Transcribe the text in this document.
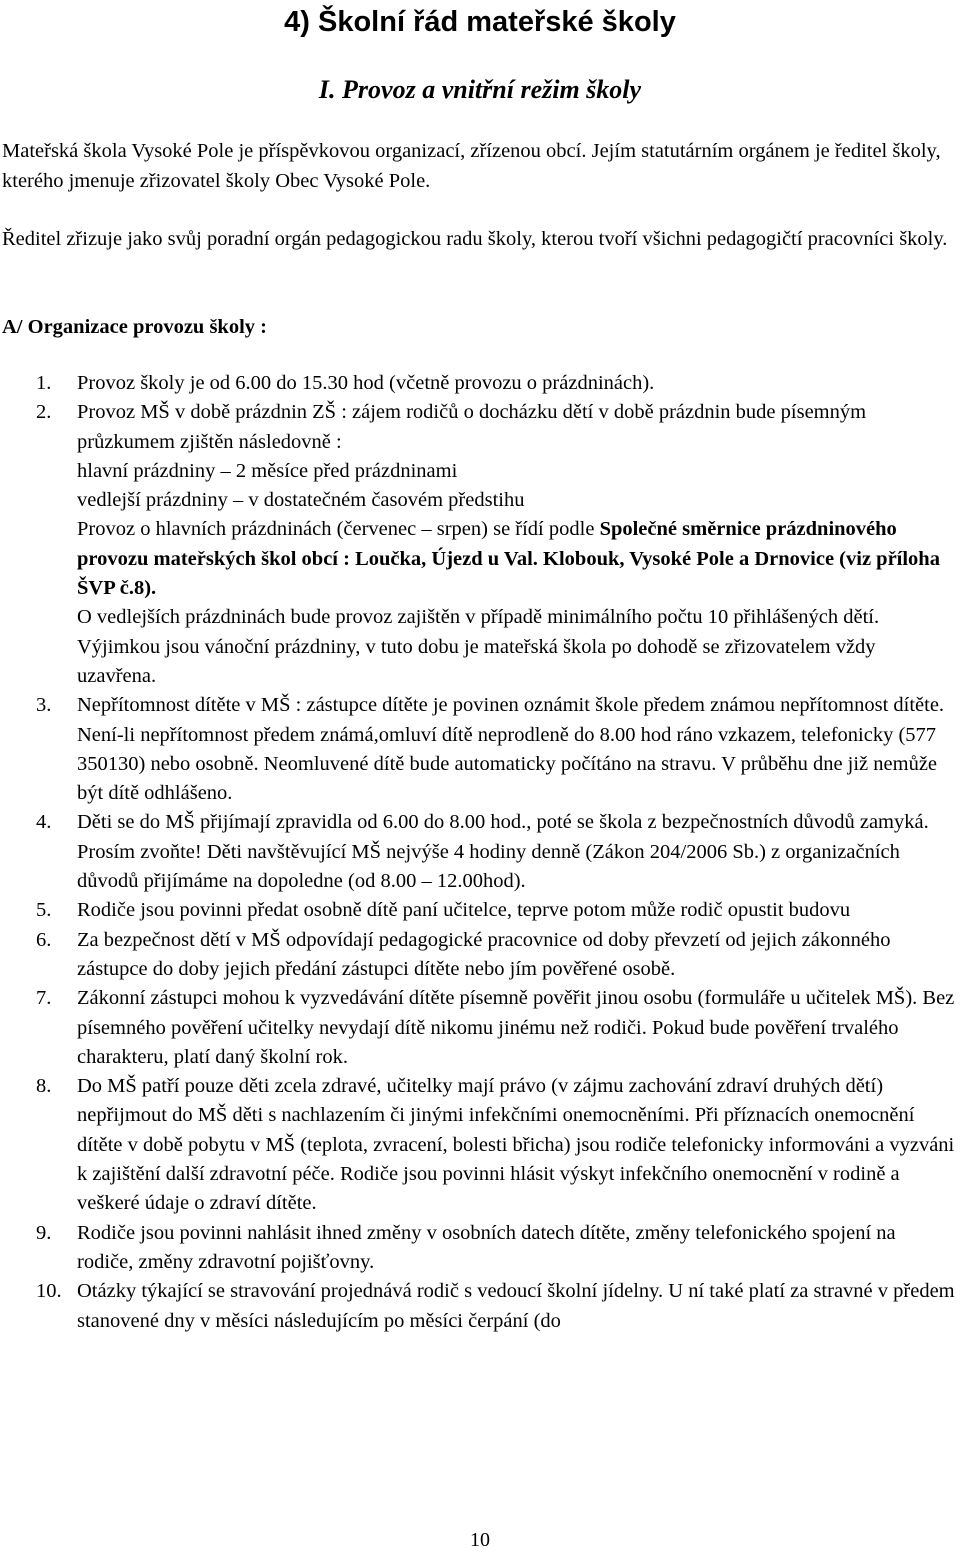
4) Školní řád mateřské školy
I. Provoz a vnitřní režim školy
Mateřská škola Vysoké Pole je příspěvkovou organizací, zřízenou obcí. Jejím statutárním orgánem je ředitel školy, kterého jmenuje zřizovatel školy Obec Vysoké Pole.
Ředitel zřizuje jako svůj poradní orgán pedagogickou radu školy, kterou tvoří všichni pedagogičtí pracovníci školy.
A/ Organizace provozu školy :
1. Provoz školy je od 6.00 do 15.30 hod (včetně provozu o prázdninách).

2. Provoz MŠ v době prázdnin ZŠ : zájem rodičů o docházku dětí v době prázdnin bude písemným průzkumem zjištěn následovně :

hlavní prázdniny – 2 měsíce před prázdninami

vedlejší prázdniny – v dostatečném časovém předstihu

Provoz o hlavních prázdninách (červenec – srpen) se řídí podle Společné směrnice prázdninového provozu mateřských škol obcí : Loučka, Újezd u Val. Klobouk, Vysoké Pole a Drnovice (viz příloha ŠVP č.8).

O vedlejších prázdninách bude provoz zajištěn v případě minimálního počtu 10 přihlášených dětí. Výjimkou jsou vánoční prázdniny, v tuto dobu je mateřská škola po dohodě se zřizovatelem vždy uzavřena.

3. Nepřítomnost dítěte v MŠ : zástupce dítěte je povinen oznámit škole předem známou nepřítomnost dítěte. Není-li nepřítomnost předem známá,omluví dítě neprodleně do 8.00 hod ráno vzkazem, telefonicky (577 350130) nebo osobně. Neomluvené dítě bude automaticky počítáno na stravu. V průběhu dne již nemůže být dítě odhlášeno.

4. Děti se do MŠ přijímají zpravidla od 6.00 do 8.00 hod., poté se škola z bezpečnostních důvodů zamyká. Prosím zvoňte! Děti navštěvující MŠ nejvýše 4 hodiny denně (Zákon 204/2006 Sb.) z organizačních důvodů přijímáme na dopoledne (od 8.00 – 12.00hod).

5. Rodiče jsou povinni předat osobně dítě paní učitelce, teprve potom může rodič opustit budovu

6. Za bezpečnost dětí v MŠ odpovídají pedagogické pracovnice od doby převzetí od jejich zákonného zástupce do doby jejich předání zástupci dítěte nebo jím pověřené osobě.

7. Zákonní zástupci mohou k vyzvedávání dítěte písemně pověřit jinou osobu (formuláře u učitelek MŠ). Bez písemného pověření učitelky nevydají dítě nikomu jinému než rodiči. Pokud bude pověření trvalého charakteru, platí daný školní rok.

8. Do MŠ patří pouze děti zcela zdravé, učitelky mají právo (v zájmu zachování zdraví druhých dětí) nepřijmout do MŠ děti s nachlazením či jinými infekčními onemocněními. Při příznacích onemocnění dítěte v době pobytu v MŠ (teplota, zvracení, bolesti břicha) jsou rodiče telefonicky informováni a vyzváni k zajištění další zdravotní péče. Rodiče jsou povinni hlásit výskyt infekčního onemocnění v rodině a veškeré údaje o zdraví dítěte.

9. Rodiče jsou povinni nahlásit ihned změny v osobních datech dítěte, změny telefonického spojení na rodiče, změny zdravotní pojišťovny.

10. Otázky týkající se stravování projednává rodič s vedoucí školní jídelny. U ní také platí za stravné v předem stanovené dny v měsíci následujícím po měsíci čerpání (do

10
